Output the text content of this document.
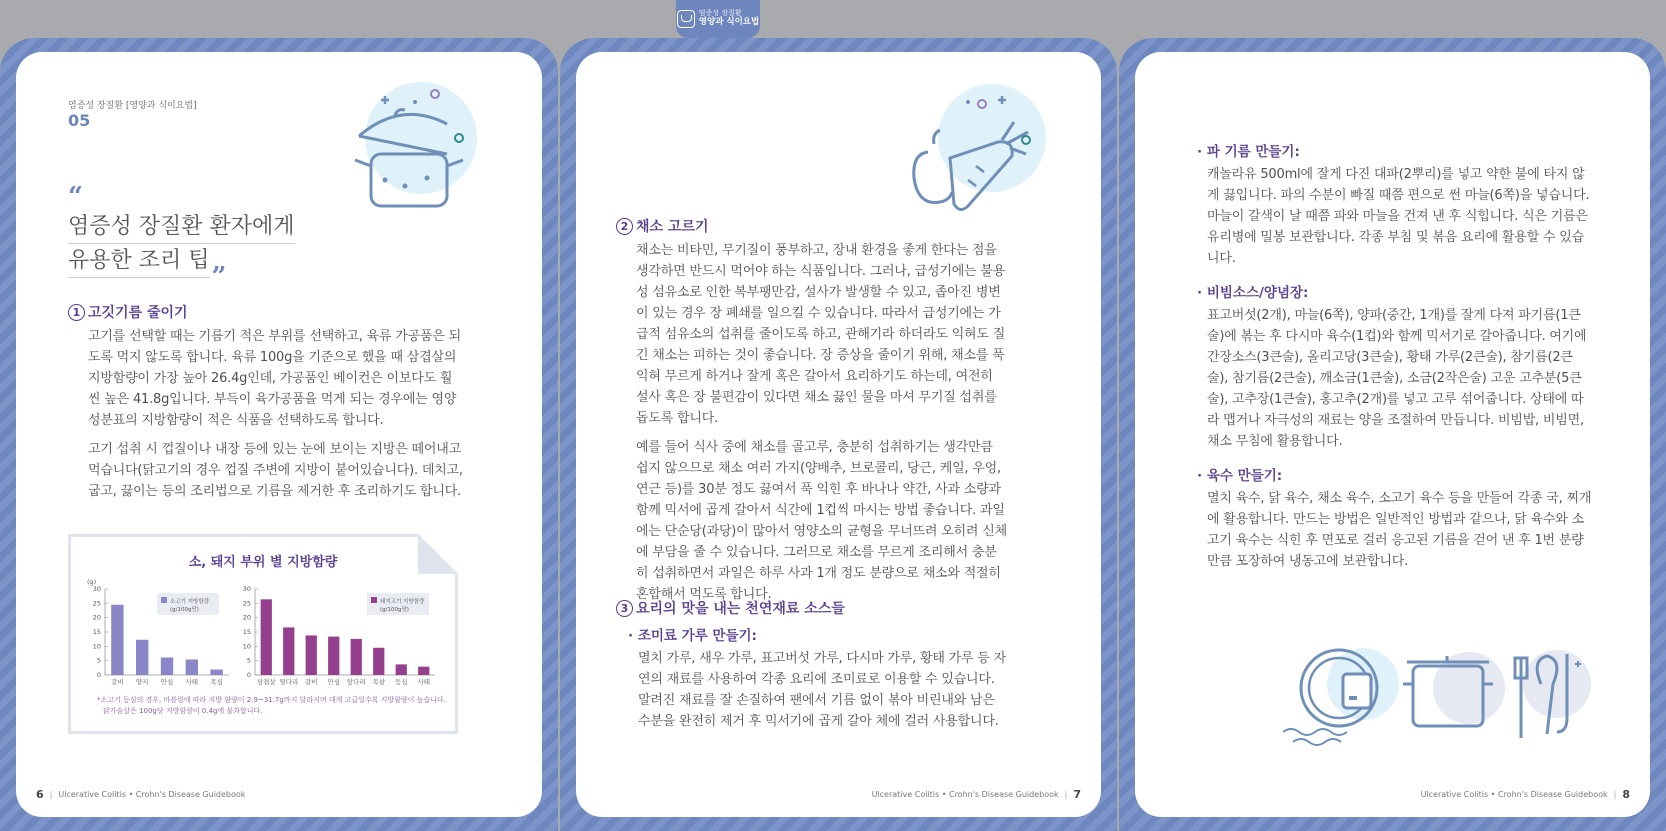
염증성 장질환
영양과 식이요법
염증성 장질환 [영양과 식이요법]
05
“
염증성 장질환 환자에게
유용한 조리 팁
”
1 고깃기름 줄이기

고기를 선택할 때는 기름기 적은 부위를 선택하고, 육류 가공품은 되도록 먹지 않도록 합니다. 육류 100g을 기준으로 했을 때 삼겹살의 지방함량이 가장 높아 26.4g인데, 가공품인 베이컨은 이보다도 훨씬 높은 41.8g입니다. 부득이 육가공품을 먹게 되는 경우에는 영양성분표의 지방함량이 적은 식품을 선택하도록 합니다.

고기 섭취 시 껍질이나 내장 등에 있는 눈에 보이는 지방은 떼어내고 먹습니다(닭고기의 경우 껍질 주변에 지방이 붙어있습니다). 데치고, 굽고, 끓이는 등의 조리법으로 기름을 제거한 후 조리하기도 합니다.

소, 돼지 부위 별 지방함량
(g)
0
5
10
15
20
25
30
갈비 양지 안심 사태 목심
소고기 지방함량
(g/100g당)
0
5
10
15
20
25
30
삼겹살 뒷다리 갈비 안심 앞다리 목살 등심 사태
돼지고기 지방함량
(g/100g당)
*소고기 등심의 경우, 마블링에 따라 지방 함량이 2.9~31.7g까지 달라지며 대게 고급일수록 지방함량이 높습니다.
닭가슴살은 100g당 지방함량이 0.4g에 불과합니다.
6 | Ulcerative Colitis • Crohn's Disease Guidebook
2 채소 고르기

채소는 비타민, 무기질이 풍부하고, 장내 환경을 좋게 한다는 점을 생각하면 반드시 먹어야 하는 식품입니다. 그러나, 급성기에는 불용성 섬유소로 인한 복부팽만감, 설사가 발생할 수 있고, 좁아진 병변이 있는 경우 장 폐쇄를 일으킬 수 있습니다. 따라서 급성기에는 가급적 섬유소의 섭취를 줄이도록 하고, 관해기라 하더라도 익혀도 질긴 채소는 피하는 것이 좋습니다. 장 증상을 줄이기 위해, 채소를 푹 익혀 무르게 하거나 잘게 혹은 갈아서 요리하기도 하는데, 여전히 설사 혹은 장 불편감이 있다면 채소 끓인 물을 마셔 무기질 섭취를 돕도록 합니다.

예를 들어 식사 중에 채소를 골고루, 충분히 섭취하기는 생각만큼 쉽지 않으므로 채소 여러 가지(양배추, 브로콜리, 당근, 케일, 우엉, 연근 등)를 30분 정도 끓여서 푹 익힌 후 바나나 약간, 사과 소량과 함께 믹서에 곱게 갈아서 식간에 1컵씩 마시는 방법 좋습니다. 과일에는 단순당(과당)이 많아서 영양소의 균형을 무너뜨려 오히려 신체에 부담을 줄 수 있습니다. 그러므로 채소를 무르게 조리해서 충분히 섭취하면서 과일은 하루 사과 1개 정도 분량으로 채소와 적절히 혼합해서 먹도록 합니다.

3 요리의 맛을 내는 천연재료 소스들
· 조미료 가루 만들기:

멸치 가루, 새우 가루, 표고버섯 가루, 다시마 가루, 황태 가루 등 자연의 재료를 사용하여 각종 요리에 조미료로 이용할 수 있습니다. 말려진 재료를 잘 손질하여 팬에서 기름 없이 볶아 비린내와 남은 수분을 완전히 제거 후 믹서기에 곱게 갈아 체에 걸러 사용합니다.

Ulcerative Colitis • Crohn's Disease Guidebook | 7
· 파 기름 만들기:

캐놀라유 500ml에 잘게 다진 대파(2뿌리)를 넣고 약한 불에 타지 않게 끓입니다. 파의 수분이 빠질 때쯤 편으로 썬 마늘(6쪽)을 넣습니다. 마늘이 갈색이 날 때쯤 파와 마늘을 건져 낸 후 식힙니다. 식은 기름은 유리병에 밀봉 보관합니다. 각종 부침 및 볶음 요리에 활용할 수 있습니다.

· 비빔소스/양념장:

표고버섯(2개), 마늘(6쪽), 양파(중간, 1개)를 잘게 다져 파기름(1큰술)에 볶는 후 다시마 육수(1컵)와 함께 믹서기로 갈아줍니다. 여기에 간장소스(3큰술), 올리고당(3큰술), 황태 가루(2큰술), 참기름(2큰술), 참기름(2큰술), 깨소금(1큰술), 소금(2작은술) 고운 고추분(5큰술), 고추장(1큰술), 홍고추(2개)를 넣고 고루 섞어줍니다. 상태에 따라 맵거나 자극성의 재료는 양을 조절하여 만듭니다. 비빔밥, 비빔면, 채소 무침에 활용합니다.

· 육수 만들기:

멸치 육수, 닭 육수, 채소 육수, 소고기 육수 등을 만들어 각종 국, 찌개에 활용합니다. 만드는 방법은 일반적인 방법과 같으나, 닭 육수와 소고기 육수는 식힌 후 면포로 걸러 응고된 기름을 걷어 낸 후 1번 분량만큼 포장하여 냉동고에 보관합니다.

Ulcerative Colitis • Crohn's Disease Guidebook | 8
